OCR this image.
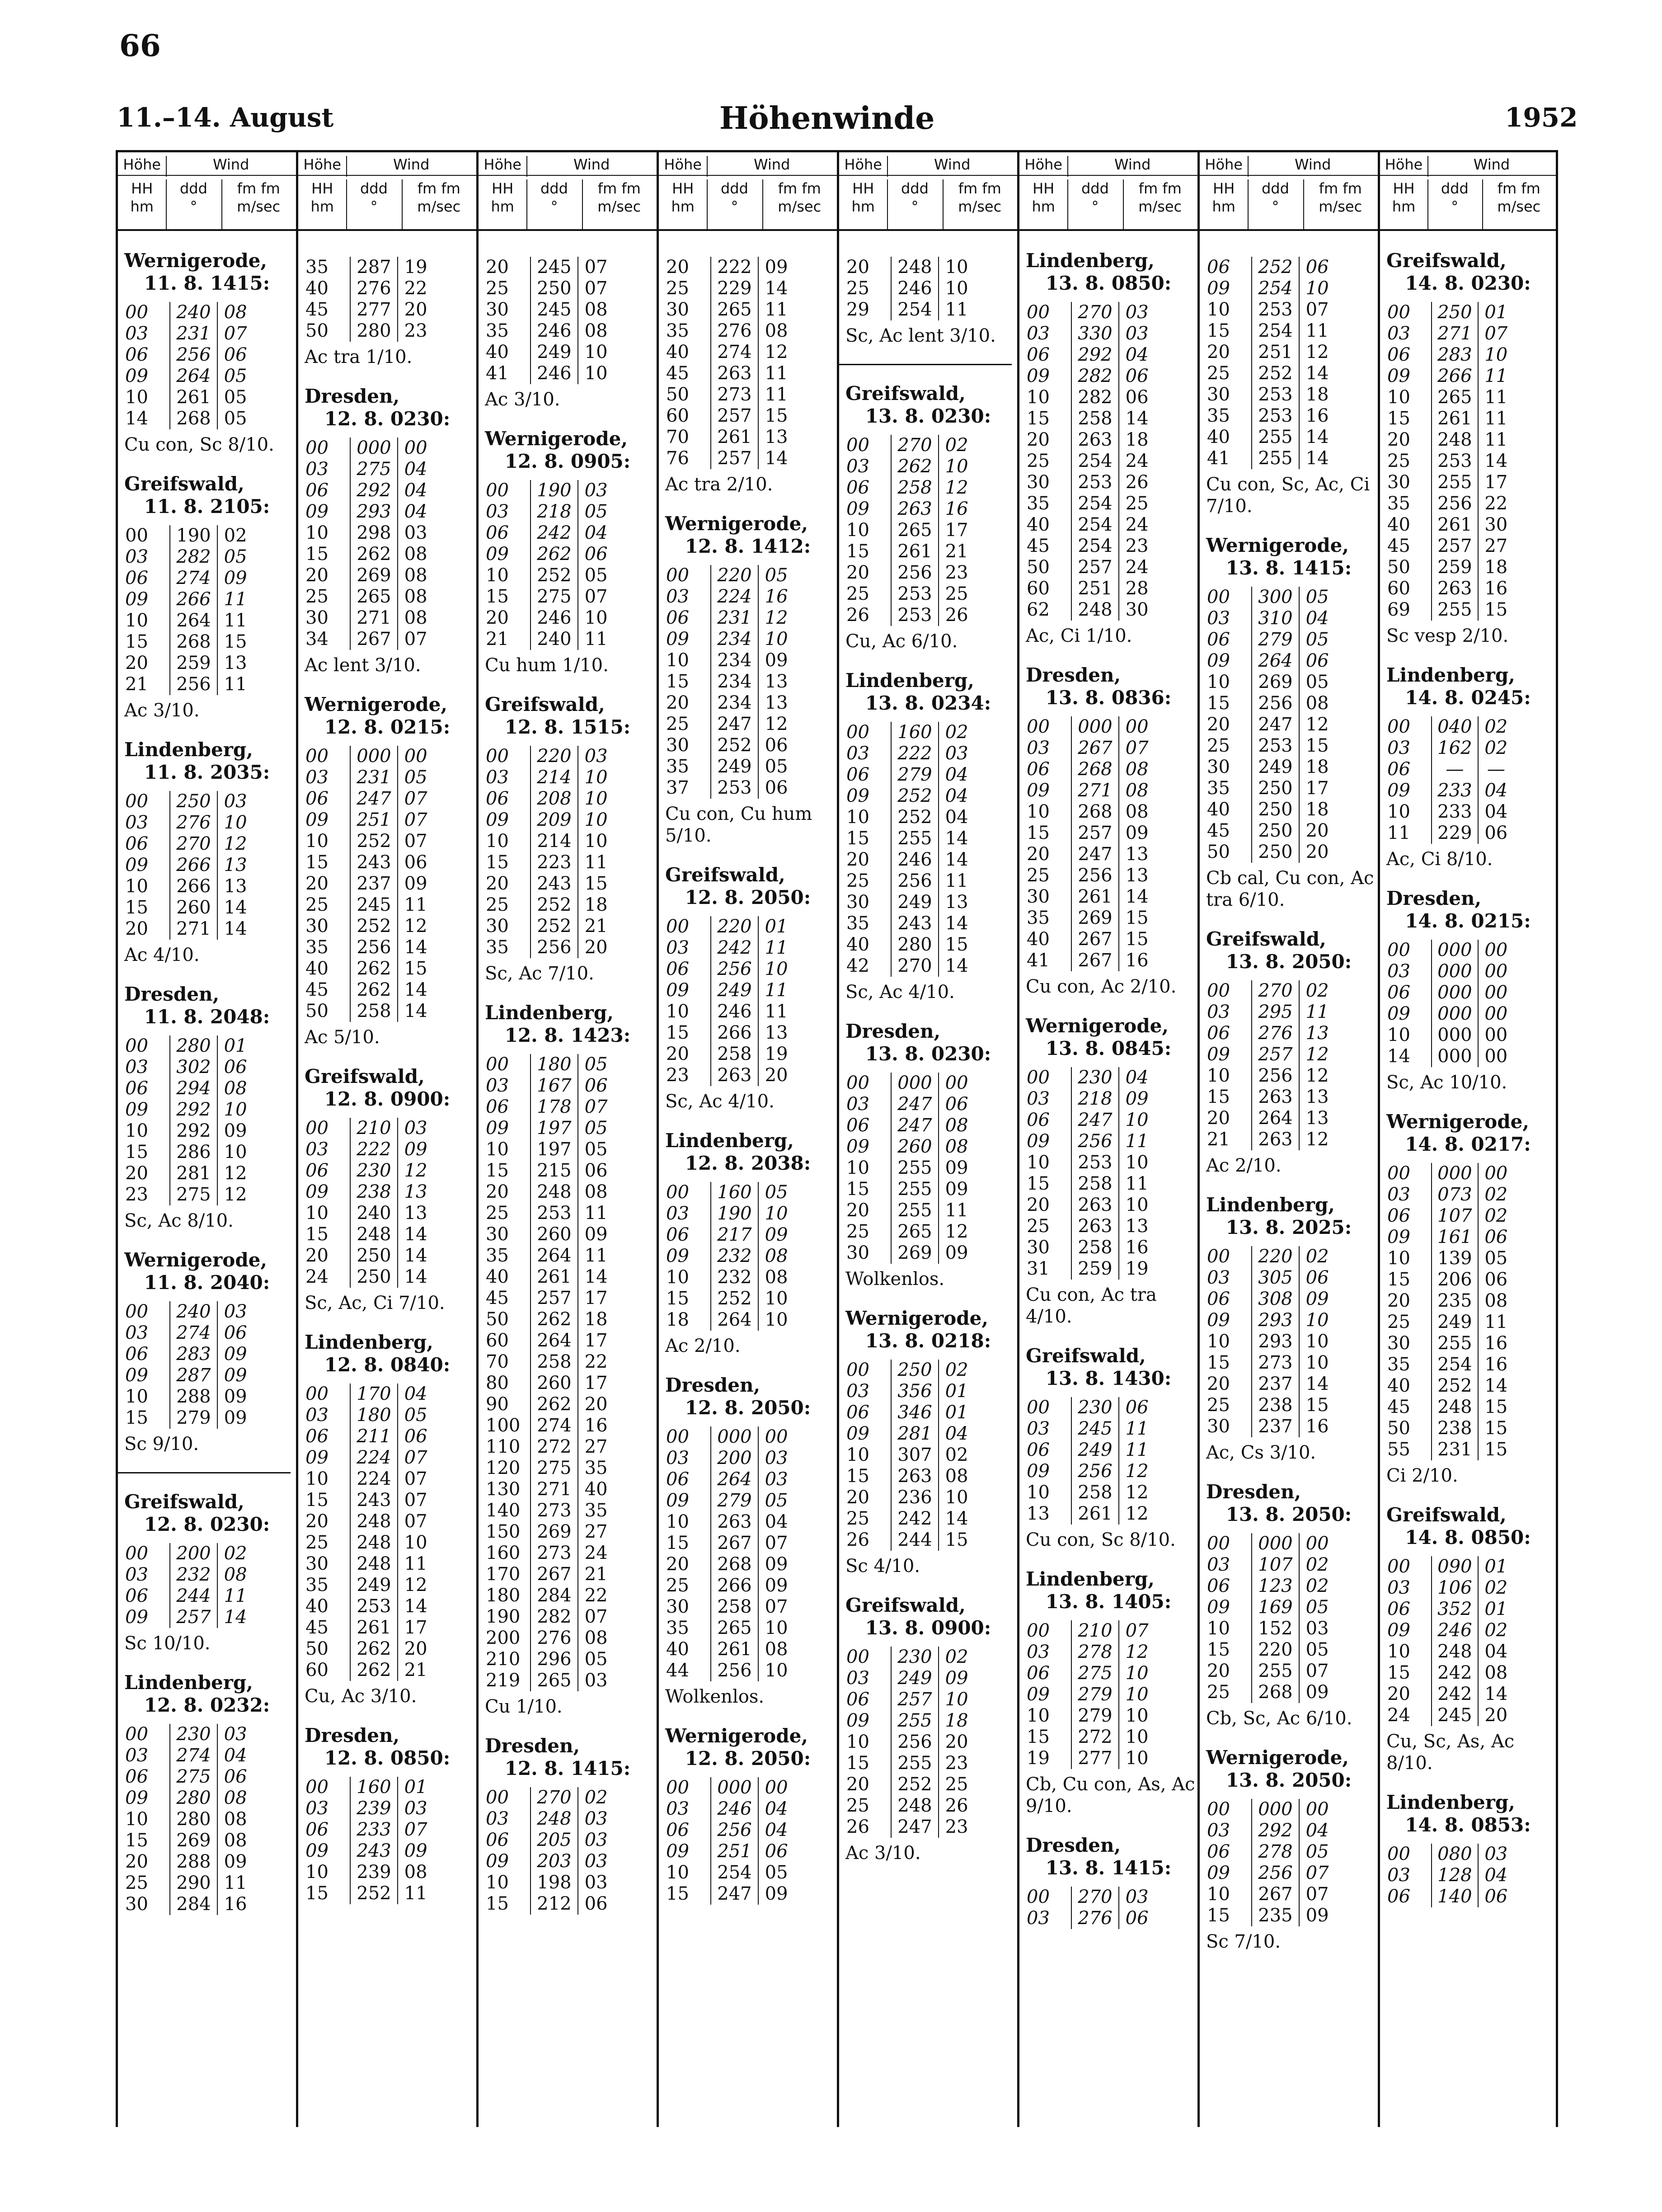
66
11.–14. August	Höhenwinde	1952
Höhe	Wind
HH
hm
ddd
°
fm fm
m/sec
Wernigerode,
11. 8. 1415:
00	240 08
03	231 07
06	256 06
09	264 05
10	261 05
14	268 05
Cu con, Sc 8/10.
Greifswald,
11. 8. 2105:
00	190 02
03	282 05
06	274 09
09	266 11
10	264 11
15	268 15
20	259 13
21	256 11
Ac 3/10.
Lindenberg,
11. 8. 2035:
00	250 03
03	276 10
06	270 12
09	266 13
10	266 13
15	260 14
20	271 14
Ac 4/10.
Dresden,
11. 8. 2048:
00	280 01
03	302 06
06	294 08
09	292 10
10	292 09
15	286 10
20	281 12
23	275 12
Sc, Ac 8/10.
Wernigerode,
11. 8. 2040:
00	240 03
03	274 06
06	283 09
09	287 09
10	288 09
15	279 09
Sc 9/10.
Greifswald,
12. 8. 0230:
00	200 02
03	232 08
06	244 11
09	257 14
Sc 10/10.
Lindenberg,
12. 8. 0232:
00	230 03
03	274 04
06	275 06
09	280 08
10	280 08
15	269 08
20	288 09
25	290 11
30	284 16
Höhe	Wind
HH
hm
ddd
°
fm fm
m/sec
35	287 19
40	276 22
45	277 20
50	280 23
Ac tra 1/10.
Dresden,
12. 8. 0230:
00	000 00
03	275 04
06	292 04
09	293 04
10	298 03
15	262 08
20	269 08
25	265 08
30	271 08
34	267 07
Ac lent 3/10.
Wernigerode,
12. 8. 0215:
00	000 00
03	231 05
06	247 07
09	251 07
10	252 07
15	243 06
20	237 09
25	245 11
30	252 12
35	256 14
40	262 15
45	262 14
50	258 14
Ac 5/10.
Greifswald,
12. 8. 0900:
00	210 03
03	222 09
06	230 12
09	238 13
10	240 13
15	248 14
20	250 14
24	250 14
Sc, Ac, Ci 7/10.
Lindenberg,
12. 8. 0840:
00	170 04
03	180 05
06	211 06
09	224 07
10	224 07
15	243 07
20	248 07
25	248 10
30	248 11
35	249 12
40	253 14
45	261 17
50	262 20
60	262 21
Cu, Ac 3/10.
Dresden,
12. 8. 0850:
00	160 01
03	239 03
06	233 07
09	243 09
10	239 08
15	252 11
Höhe	Wind
HH
hm
ddd
°
fm fm
m/sec
20	245 07
25	250 07
30	245 08
35	246 08
40	249 10
41	246 10
Ac 3/10.
Wernigerode,
12. 8. 0905:
00	190 03
03	218 05
06	242 04
09	262 06
10	252 05
15	275 07
20	246 10
21	240 11
Cu hum 1/10.
Greifswald,
12. 8. 1515:
00	220 03
03	214 10
06	208 10
09	209 10
10	214 10
15	223 11
20	243 15
25	252 18
30	252 21
35	256 20
Sc, Ac 7/10.
Lindenberg,
12. 8. 1423:
00	180 05
03	167 06
06	178 07
09	197 05
10	197 05
15	215 06
20	248 08
25	253 11
30	260 09
35	264 11
40	261 14
45	257 17
50	262 18
60	264 17
70	258 22
80	260 17
90	262 20
100 274 16
110 272 27
120 275 35
130 271 40
140 273 35
150 269 27
160 273 24
170 267 21
180 284 22
190 282 07
200 276 08
210 296 05
219 265 03
Cu 1/10.
Dresden,
12. 8. 1415:
00	270 02
03	248 03
06	205 03
09	203 03
10	198 03
15	212 06
Höhe	Wind
HH
hm
ddd
°
fm fm
m/sec
20	222 09
25	229 14
30	265 11
35	276 08
40	274 12
45	263 11
50	273 11
60	257 15
70	261 13
76	257 14
Ac tra 2/10.
Wernigerode,
12. 8. 1412:
00	220 05
03	224 16
06	231 12
09	234 10
10	234 09
15	234 13
20	234 13
25	247 12
30	252 06
35	249 05
37	253 06
Cu con, Cu hum 5/10.
Greifswald,
12. 8. 2050:
00	220 01
03	242 11
06	256 10
09	249 11
10	246 11
15	266 13
20	258 19
23	263 20
Sc, Ac 4/10.
Lindenberg,
12. 8. 2038:
00	160 05
03	190 10
06	217 09
09	232 08
10	232 08
15	252 10
18	264 10
Ac 2/10.
Dresden,
12. 8. 2050:
00	000 00
03	200 03
06	264 03
09	279 05
10	263 04
15	267 07
20	268 09
25	266 09
30	258 07
35	265 10
40	261 08
44	256 10
Wolkenlos.
Wernigerode,
12. 8. 2050:
00	000 00
03	246 04
06	256 04
09	251 06
10	254 05
15	247 09
Höhe	Wind
HH
hm
ddd
°
fm fm
m/sec
20	248 10
25	246 10
29	254 11
Sc, Ac lent 3/10.
Greifswald,
13. 8. 0230:
00	270 02
03	262 10
06	258 12
09	263 16
10	265 17
15	261 21
20	256 23
25	253 25
26	253 26
Cu, Ac 6/10.
Lindenberg,
13. 8. 0234:
00	160 02
03	222 03
06	279 04
09	252 04
10	252 04
15	255 14
20	246 14
25	256 11
30	249 13
35	243 14
40	280 15
42	270 14
Sc, Ac 4/10.
Dresden,
13. 8. 0230:
00	000 00
03	247 06
06	247 08
09	260 08
10	255 09
15	255 09
20	255 11
25	265 12
30	269 09
Wolkenlos.
Wernigerode,
13. 8. 0218:
00	250 02
03	356 01
06	346 01
09	281 04
10	307 02
15	263 08
20	236 10
25	242 14
26	244 15
Sc 4/10.
Greifswald,
13. 8. 0900:
00	230 02
03	249 09
06	257 10
09	255 18
10	256 20
15	255 23
20	252 25
25	248 26
26	247 23
Ac 3/10.
Höhe	Wind
HH
hm
ddd
°
fm fm
m/sec
Lindenberg,
13. 8. 0850:
00	270 03
03	330 03
06	292 04
09	282 06
10	282 06
15	258 14
20	263 18
25	254 24
30	253 26
35	254 25
40	254 24
45	254 23
50	257 24
60	251 28
62	248 30
Ac, Ci 1/10.
Dresden,
13. 8. 0836:
00	000 00
03	267 07
06	268 08
09	271 08
10	268 08
15	257 09
20	247 13
25	256 13
30	261 14
35	269 15
40	267 15
41	267 16
Cu con, Ac 2/10.
Wernigerode,
13. 8. 0845:
00	230 04
03	218 09
06	247 10
09	256 11
10	253 10
15	258 11
20	263 10
25	263 13
30	258 16
31	259 19
Cu con, Ac tra 4/10.
Greifswald,
13. 8. 1430:
00	230 06
03	245 11
06	249 11
09	256 12
10	258 12
13	261 12
Cu con, Sc 8/10.
Lindenberg,
13. 8. 1405:
00	210 07
03	278 12
06	275 10
09	279 10
10	279 10
15	272 10
19	277 10
Cb, Cu con, As, Ac 9/10.
Dresden,
13. 8. 1415:
00	270 03
03	276 06
Höhe	Wind
HH
hm
ddd
°
fm fm
m/sec
06	252 06
09	254 10
10	253 07
15	254 11
20	251 12
25	252 14
30	253 18
35	253 16
40	255 14
41	255 14
Cu con, Sc, Ac, Ci 7/10.
Wernigerode,
13. 8. 1415:
00	300 05
03	310 04
06	279 05
09	264 06
10	269 05
15	256 08
20	247 12
25	253 15
30	249 18
35	250 17
40	250 18
45	250 20
50	250 20
Cb cal, Cu con, Ac tra 6/10.
Greifswald,
13. 8. 2050:
00	270 02
03	295 11
06	276 13
09	257 12
10	256 12
15	263 13
20	264 13
21	263 12
Ac 2/10.
Lindenberg,
13. 8. 2025:
00	220 02
03	305 06
06	308 09
09	293 10
10	293 10
15	273 10
20	237 14
25	238 15
30	237 16
Ac, Cs 3/10.
Dresden,
13. 8. 2050:
00	000 00
03	107 02
06	123 02
09	169 05
10	152 03
15	220 05
20	255 07
25	268 09
Cb, Sc, Ac 6/10.
Wernigerode,
13. 8. 2050:
00	000 00
03	292 04
06	278 05
09	256 07
10	267 07
15	235 09
Sc 7/10.
Höhe	Wind
HH
hm
ddd
°
fm fm
m/sec
Greifswald,
14. 8. 0230:
00	250 01
03	271 07
06	283 10
09	266 11
10	265 11
15	261 11
20	248 11
25	253 14
30	255 17
35	256 22
40	261 30
45	257 27
50	259 18
60	263 16
69	255 15
Sc vesp 2/10.
Lindenberg,
14. 8. 0245:
00	040 02
03	162 02
06	—	—
09	233 04
10	233 04
11	229 06
Ac, Ci 8/10.
Dresden,
14. 8. 0215:
00	000 00
03	000 00
06	000 00
09	000 00
10	000 00
14	000 00
Sc, Ac 10/10.
Wernigerode,
14. 8. 0217:
00	000 00
03	073 02
06	107 02
09	161 06
10	139 05
15	206 06
20	235 08
25	249 11
30	255 16
35	254 16
40	252 14
45	248 15
50	238 15
55	231 15
Ci 2/10.
Greifswald,
14. 8. 0850:
00	090 01
03	106 02
06	352 01
09	246 02
10	248 04
15	242 08
20	242 14
24	245 20
Cu, Sc, As, Ac 8/10.
Lindenberg,
14. 8. 0853:
00	080 03
03	128 04
06	140 06
